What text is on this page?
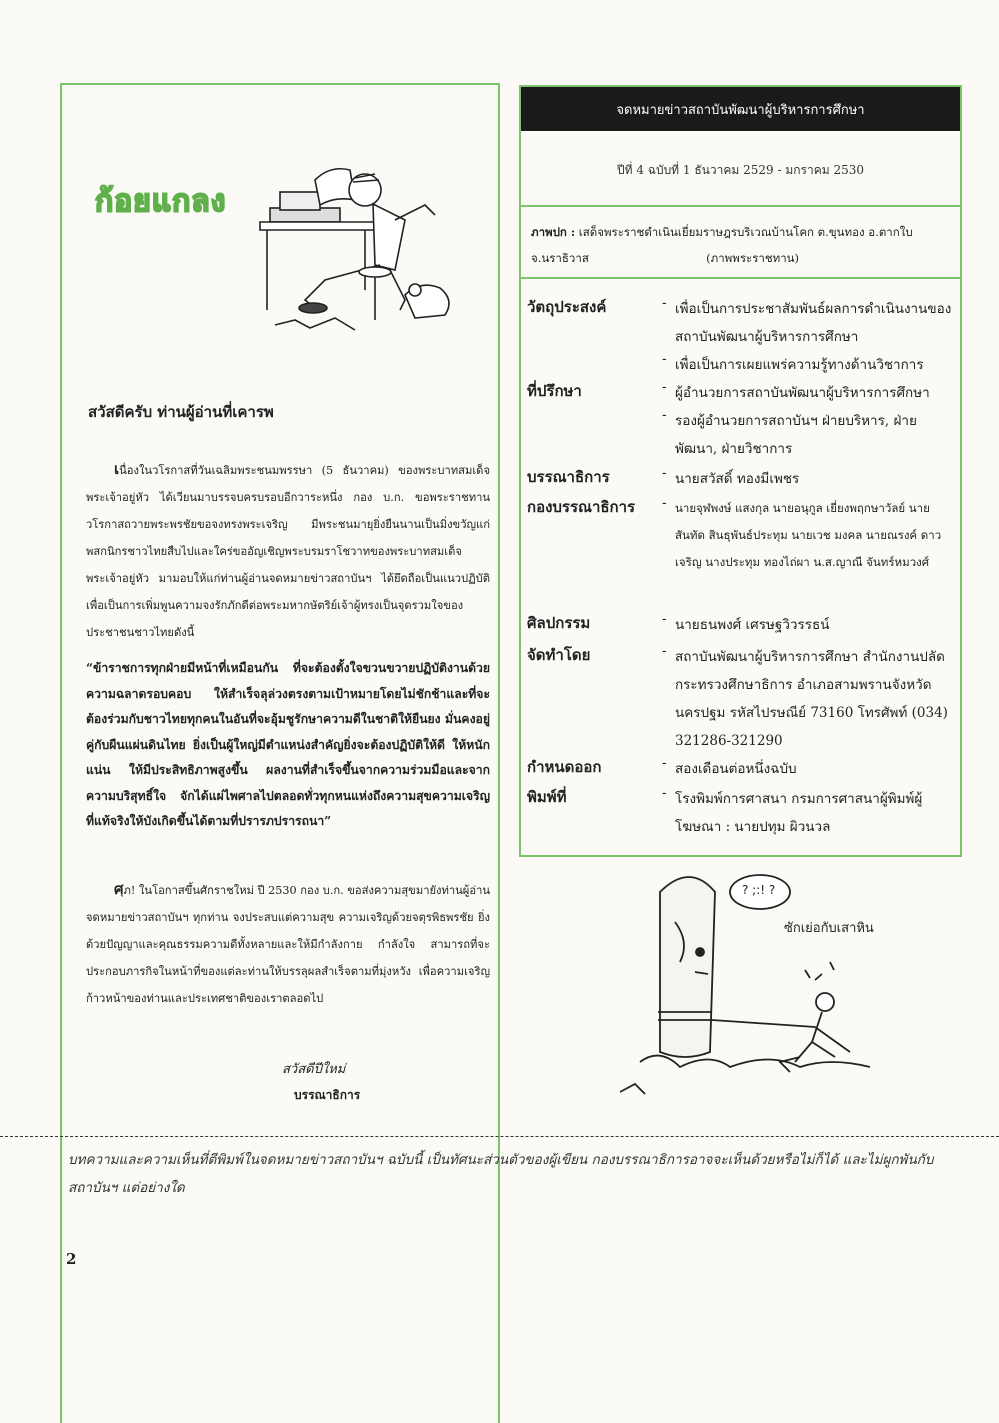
ก้อยแกลง
สวัสดีครับ ท่านผู้อ่านที่เคารพ
เนื่องในวโรกาสที่วันเฉลิมพระชนมพรรษา (5 ธันวาคม) ของพระบาทสมเด็จพระเจ้าอยู่หัว ได้เวียนมาบรรจบครบรอบอีกวาระหนึ่ง กอง บ.ก. ขอพระราชทานวโรกาสถวายพระพรชัยขอจงทรงพระเจริญ มีพระชนมายุยิ่งยืนนานเป็นมิ่งขวัญแก่พสกนิกรชาวไทยสืบไปและใคร่ขออัญเชิญพระบรมราโชวาทของพระบาทสมเด็จพระเจ้าอยู่หัว มามอบให้แก่ท่านผู้อ่านจดหมายข่าวสถาบันฯ ได้ยึดถือเป็นแนวปฏิบัติ เพื่อเป็นการเพิ่มพูนความจงรักภักดีต่อพระมหากษัตริย์เจ้าผู้ทรงเป็นจุดรวมใจของประชาชนชาวไทยดังนี้
“ข้าราชการทุกฝ่ายมีหน้าที่เหมือนกัน ที่จะต้องตั้งใจขวนขวายปฏิบัติงานด้วยความฉลาดรอบคอบ ให้สำเร็จลุล่วงตรงตามเป้าหมายโดยไม่ชักช้าและที่จะต้องร่วมกับชาวไทยทุกคนในอันที่จะอุ้มชูรักษาความดีในชาติให้ยืนยง มั่นคงอยู่คู่กับผืนแผ่นดินไทย ยิ่งเป็นผู้ใหญ่มีตำแหน่งสำคัญยิ่งจะต้องปฏิบัติให้ดี ให้หนักแน่น ให้มีประสิทธิภาพสูงขึ้น ผลงานที่สำเร็จขึ้นจากความร่วมมือและจากความบริสุทธิ์ใจ จักได้แผ่ไพศาลไปตลอดทั่วทุกหนแห่งถึงความสุขความเจริญที่แท้จริงให้บังเกิดขึ้นได้ตามที่ปรารภปรารถนา”
ศุภ! ในโอกาสขึ้นศักราชใหม่ ปี 2530 กอง บ.ก. ขอส่งความสุขมายังท่านผู้อ่านจดหมายข่าวสถาบันฯ ทุกท่าน จงประสบแต่ความสุข ความเจริญด้วยจตุรพิธพรชัย ยิ่งด้วยปัญญาและคุณธรรมความดีทั้งหลายและให้มีกำลังกาย กำลังใจ สามารถที่จะประกอบภารกิจในหน้าที่ของแต่ละท่านให้บรรลุผลสำเร็จตามที่มุ่งหวัง เพื่อความเจริญก้าวหน้าของท่านและประเทศชาติของเราตลอดไป
สวัสดีปีใหม่
บรรณาธิการ
จดหมายข่าวสถาบันพัฒนาผู้บริหารการศึกษา
ปีที่ 4 ฉบับที่ 1 ธันวาคม 2529 - มกราคม 2530
ภาพปก : เสด็จพระราชดำเนินเยี่ยมราษฎรบริเวณบ้านโคก ต.ขุนทอง อ.ตากใบ
จ.นราธิวาส	(ภาพพระราชทาน)
วัตถุประสงค์	- เพื่อเป็นการประชาสัมพันธ์ผลการดำเนินงานของสถาบันพัฒนาผู้บริหารการศึกษา
- เพื่อเป็นการเผยแพร่ความรู้ทางด้านวิชาการ
ที่ปรึกษา	- ผู้อำนวยการสถาบันพัฒนาผู้บริหารการศึกษา
- รองผู้อำนวยการสถาบันฯ ฝ่ายบริหาร, ฝ่ายพัฒนา, ฝ่ายวิชาการ
บรรณาธิการ	- นายสวัสดิ์ ทองมีเพชร
กองบรรณาธิการ - นายจุฬพงษ์ แสงกุล นายอนุกูล เยี่ยงพฤกษาวัลย์ นายสันทัด สินธุพันธ์ประทุม นายเวช มงคล นายณรงค์ ดาวเจริญ นางประทุม ทองไถ่ผา น.ส.ญาณี จันทร์หมวงศ์
ศิลปกรรม	- นายธนพงศ์ เศรษฐวิวรรธน์
จัดทำโดย	- สถาบันพัฒนาผู้บริหารการศึกษา สำนักงานปลัดกระทรวงศึกษาธิการ อำเภอสามพรานจังหวัดนครปฐม รหัสไปรษณีย์ 73160 โทรศัพท์ (034) 321286-321290
กำหนดออก	- สองเดือนต่อหนึ่งฉบับ
พิมพ์ที่	- โรงพิมพ์การศาสนา กรมการศาสนาผู้พิมพ์ผู้โฆษณา : นายปทุม ผิวนวล
? ;:! ?
ซักเย่อกับเสาหิน
บทความและความเห็นที่ตีพิมพ์ในจดหมายข่าวสถาบันฯ ฉบับนี้ เป็นทัศนะส่วนตัวของผู้เขียน กองบรรณาธิการอาจจะเห็นด้วยหรือไม่ก็ได้ และไม่ผูกพันกับสถาบันฯ แต่อย่างใด
2
